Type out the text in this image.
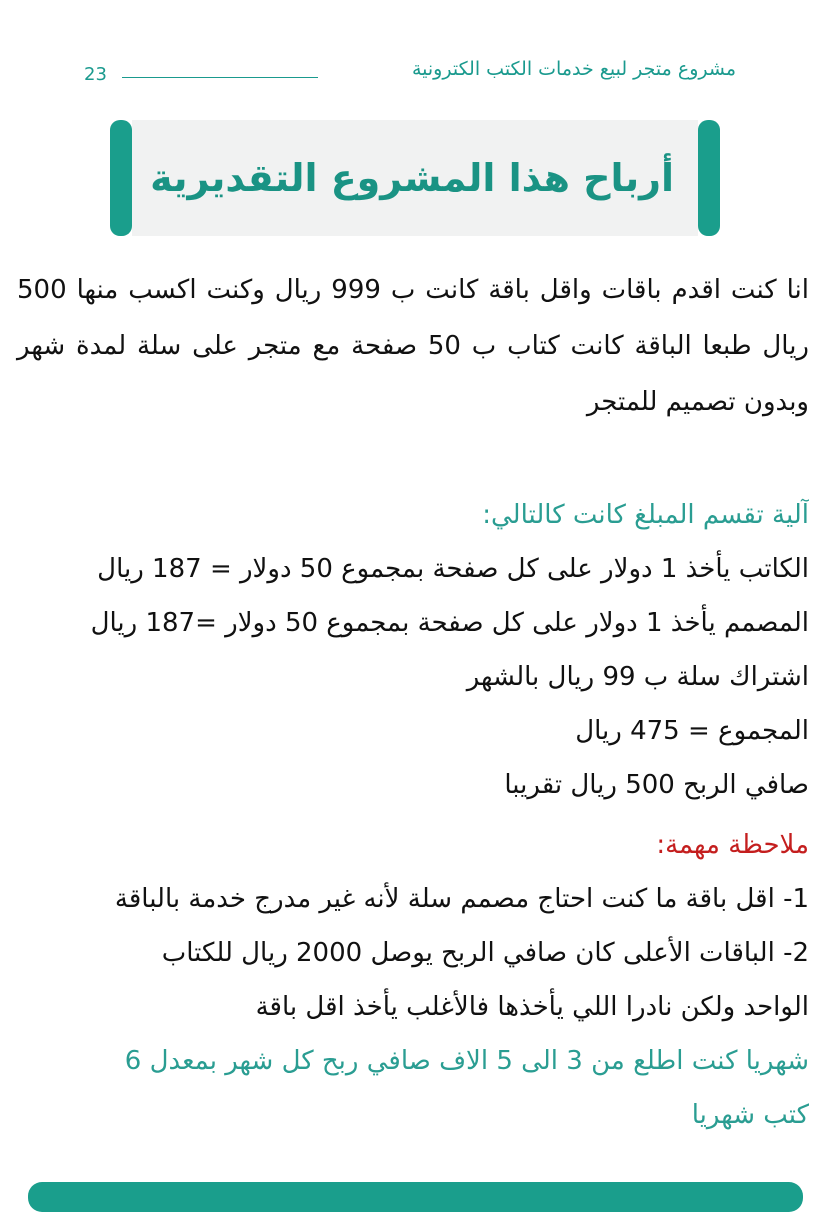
مشروع متجر لبيع خدمات الكتب الكترونية
23
أرباح هذا المشروع التقديرية
انا كنت اقدم باقات واقل باقة كانت ب 999 ريال وكنت اكسب منها 500 ريال طبعا الباقة كانت كتاب ب 50 صفحة مع متجر على سلة لمدة شهر وبدون تصميم للمتجر
آلية تقسم المبلغ كانت كالتالي:
الكاتب يأخذ 1 دولار على كل صفحة بمجموع 50 دولار = 187 ريال
المصمم يأخذ 1 دولار على كل صفحة بمجموع 50 دولار =187 ريال
اشتراك سلة ب 99 ريال بالشهر
المجموع = 475 ريال
صافي الربح 500 ريال تقريبا
ملاحظة مهمة:
1- اقل باقة ما كنت احتاج مصمم سلة لأنه غير مدرج خدمة بالباقة
2- الباقات الأعلى كان صافي الربح يوصل 2000 ريال للكتاب
الواحد ولكن نادرا اللي يأخذها فالأغلب يأخذ اقل باقة
شهريا كنت اطلع من 3 الى 5 الاف صافي ربح كل شهر بمعدل 6
كتب شهريا
